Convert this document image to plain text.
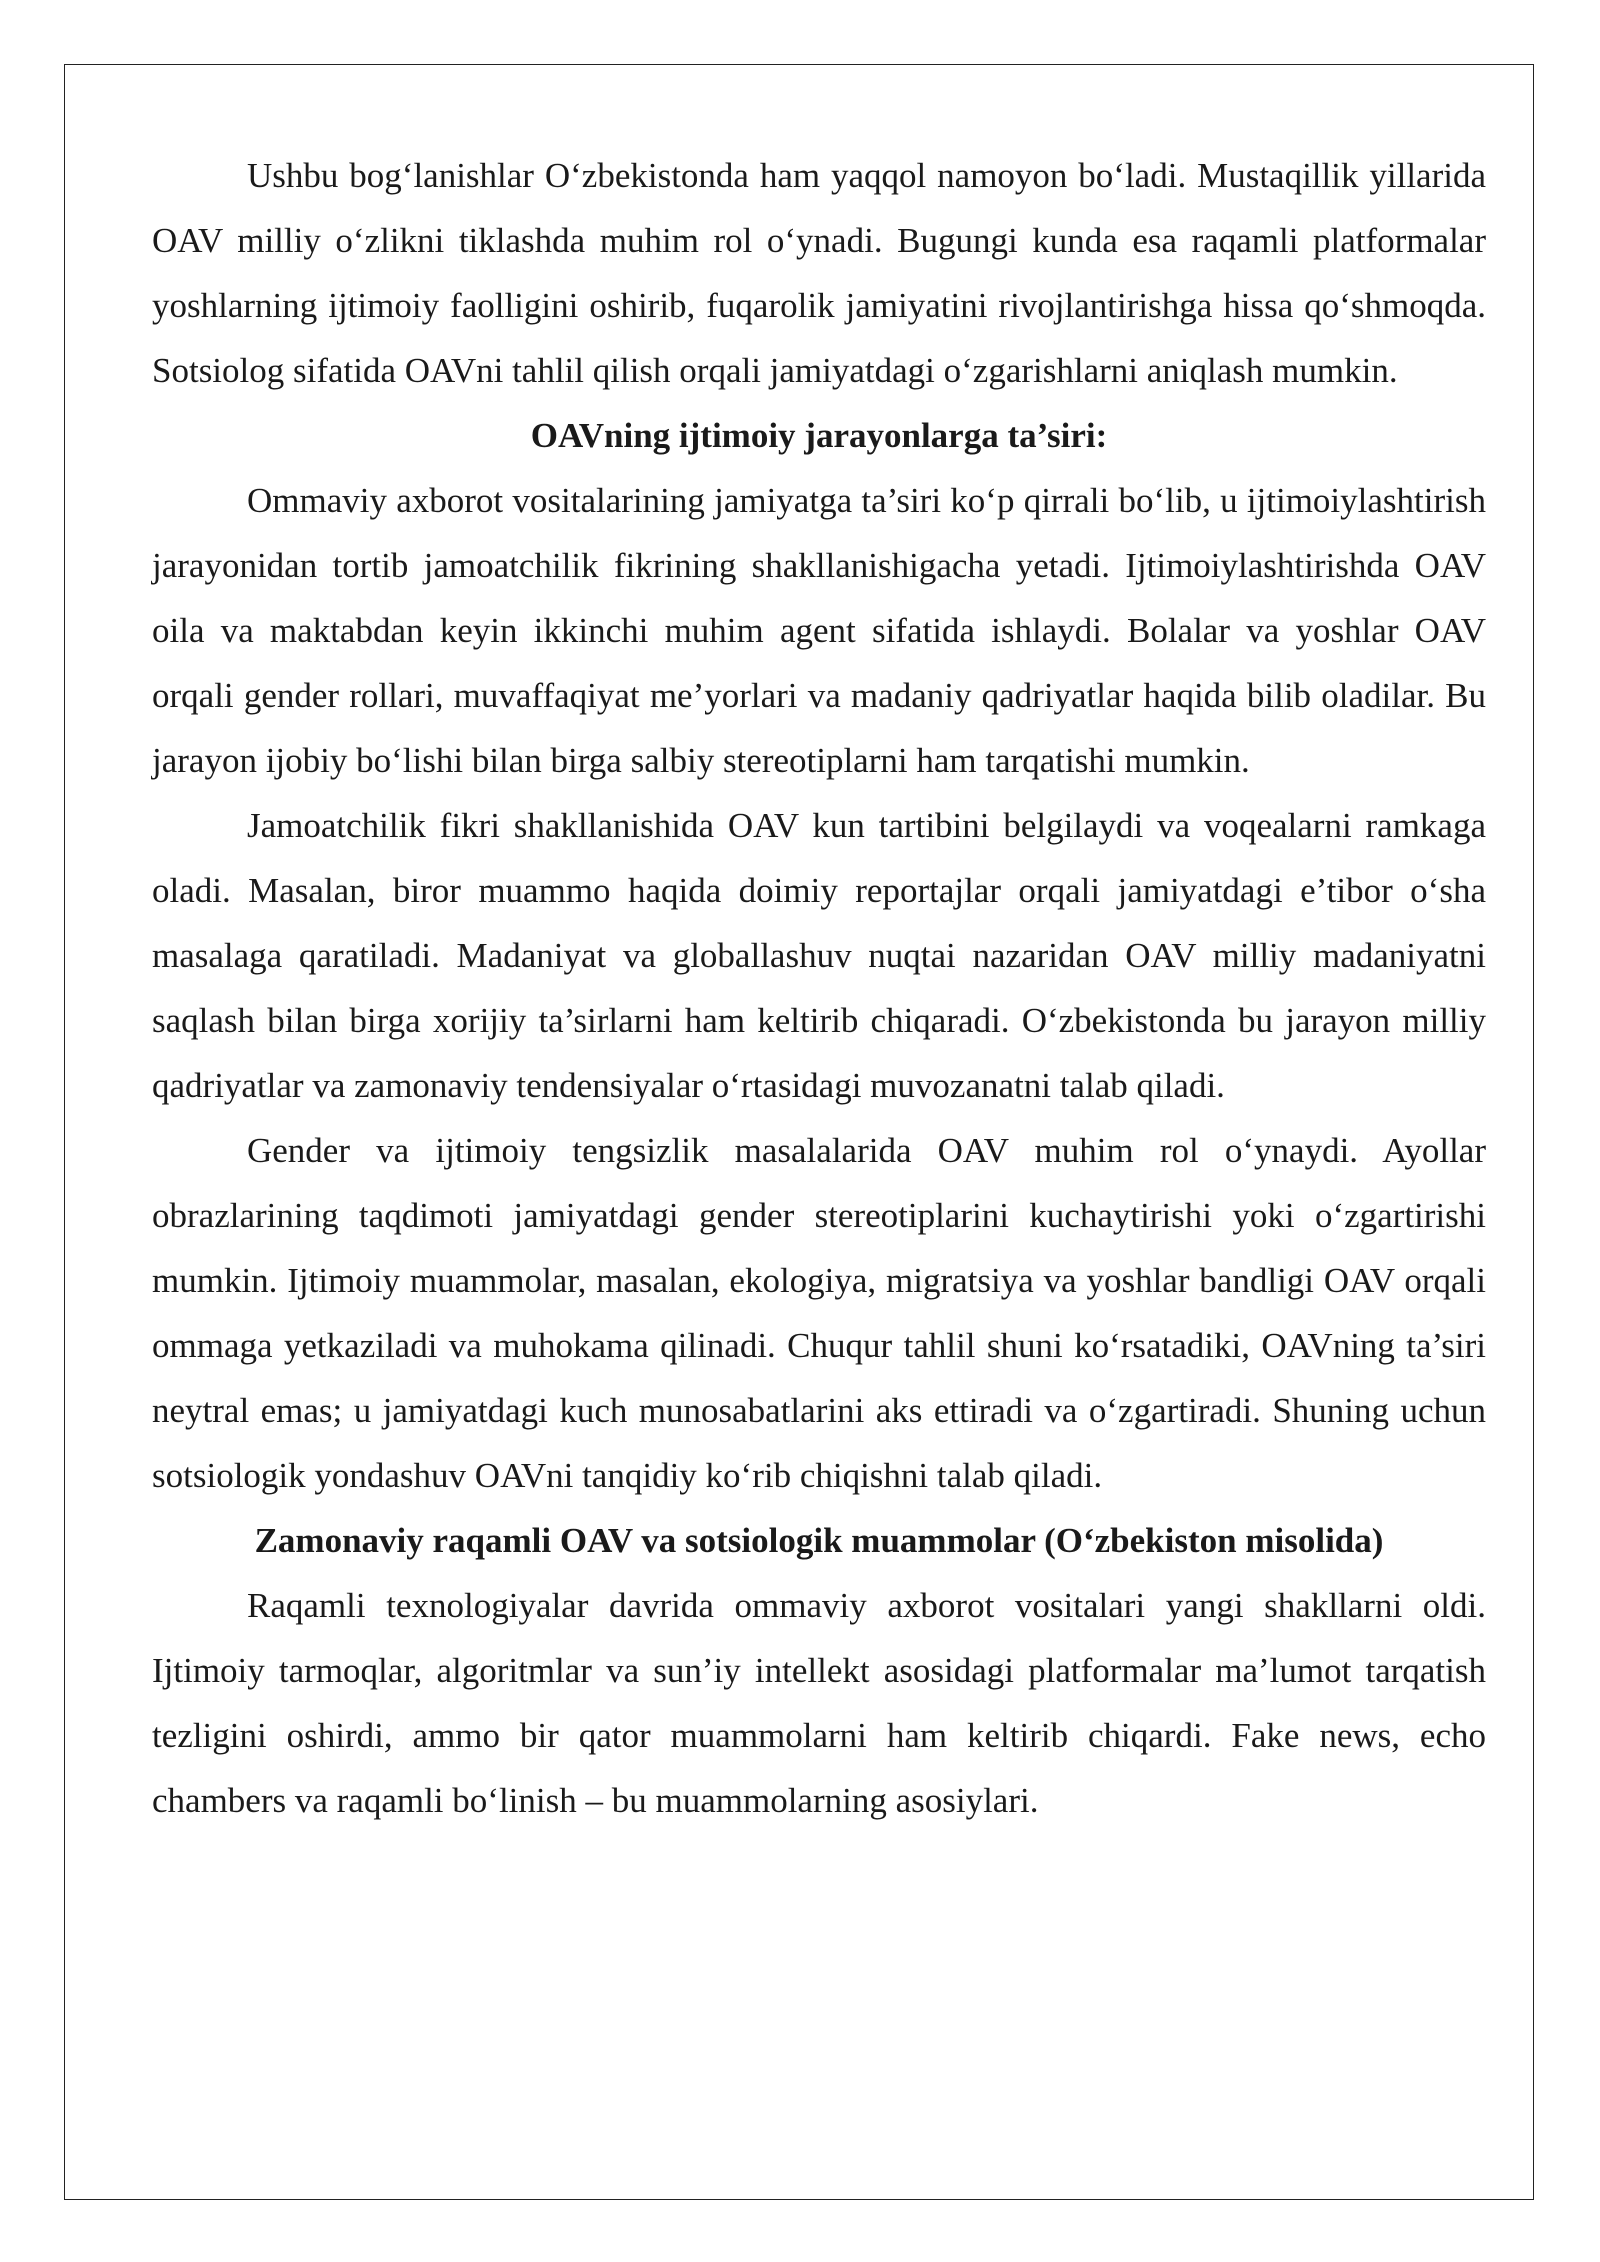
Ushbu bog‘lanishlar O‘zbekistonda ham yaqqol namoyon bo‘ladi. Mustaqillik yillarida OAV milliy o‘zlikni tiklashda muhim rol o‘ynadi. Bugungi kunda esa raqamli platformalar yoshlarning ijtimoiy faolligini oshirib, fuqarolik jamiyatini rivojlantirishga hissa qo‘shmoqda. Sotsiolog sifatida OAVni tahlil qilish orqali jamiyatdagi o‘zgarishlarni aniqlash mumkin.

OAVning ijtimoiy jarayonlarga ta’siri:

Ommaviy axborot vositalarining jamiyatga ta’siri ko‘p qirrali bo‘lib, u ijtimoiylashtirish jarayonidan tortib jamoatchilik fikrining shakllanishigacha yetadi. Ijtimoiylashtirishda OAV oila va maktabdan keyin ikkinchi muhim agent sifatida ishlaydi. Bolalar va yoshlar OAV orqali gender rollari, muvaffaqiyat me’yorlari va madaniy qadriyatlar haqida bilib oladilar. Bu jarayon ijobiy bo‘lishi bilan birga salbiy stereotiplarni ham tarqatishi mumkin.

Jamoatchilik fikri shakllanishida OAV kun tartibini belgilaydi va voqealarni ramkaga oladi. Masalan, biror muammo haqida doimiy reportajlar orqali jamiyatdagi e’tibor o‘sha masalaga qaratiladi. Madaniyat va globallashuv nuqtai nazaridan OAV milliy madaniyatni saqlash bilan birga xorijiy ta’sirlarni ham keltirib chiqaradi. O‘zbekistonda bu jarayon milliy qadriyatlar va zamonaviy tendensiyalar o‘rtasidagi muvozanatni talab qiladi.

Gender va ijtimoiy tengsizlik masalalarida OAV muhim rol o‘ynaydi. Ayollar obrazlarining taqdimoti jamiyatdagi gender stereotiplarini kuchaytirishi yoki o‘zgartirishi mumkin. Ijtimoiy muammolar, masalan, ekologiya, migratsiya va yoshlar bandligi OAV orqali ommaga yetkaziladi va muhokama qilinadi. Chuqur tahlil shuni ko‘rsatadiki, OAVning ta’siri neytral emas; u jamiyatdagi kuch munosabatlarini aks ettiradi va o‘zgartiradi. Shuning uchun sotsiologik yondashuv OAVni tanqidiy ko‘rib chiqishni talab qiladi.

Zamonaviy raqamli OAV va sotsiologik muammolar (O‘zbekiston misolida)

Raqamli texnologiyalar davrida ommaviy axborot vositalari yangi shakllarni oldi. Ijtimoiy tarmoqlar, algoritmlar va sun’iy intellekt asosidagi platformalar ma’lumot tarqatish tezligini oshirdi, ammo bir qator muammolarni ham keltirib chiqardi. Fake news, echo chambers va raqamli bo‘linish – bu muammolarning asosiylari.
